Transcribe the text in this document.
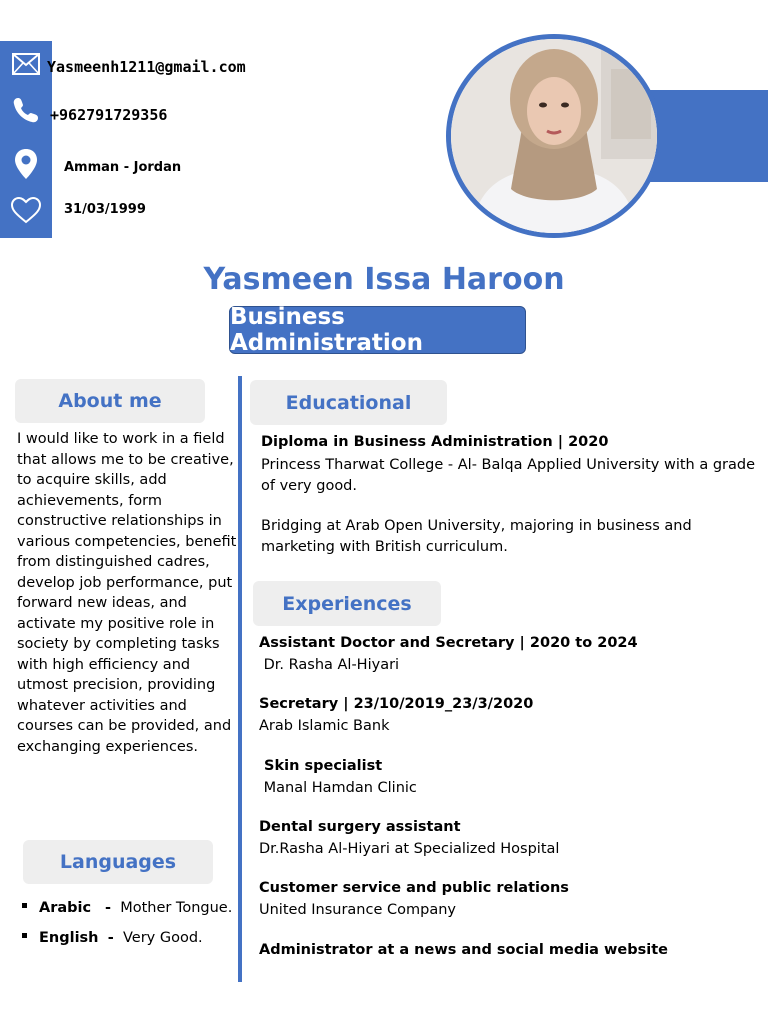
Yasmeenh1211@gmail.com
+962791729356
Amman - Jordan
31/03/1999
Yasmeen Issa Haroon
Business Administration
About me
I would like to work in a field that allows me to be creative, to acquire skills, add achievements, form constructive relationships in various competencies, benefit from distinguished cadres, develop job performance, put forward new ideas, and activate my positive role in society by completing tasks with high efficiency and utmost precision, providing whatever activities and courses can be provided, and exchanging experiences.
Languages
Arabic - Mother Tongue.
English - Very Good.
Educational
Diploma in Business Administration | 2020
Princess Tharwat College - Al- Balqa Applied University with a grade of very good.
Bridging at Arab Open University, majoring in business and marketing with British curriculum.
Experiences
Assistant Doctor and Secretary | 2020 to 2024
Dr. Rasha Al-Hiyari
Secretary | 23/10/2019_23/3/2020
Arab Islamic Bank
Skin specialist
Manal Hamdan Clinic
Dental surgery assistant
Dr.Rasha Al-Hiyari at Specialized Hospital
Customer service and public relations
United Insurance Company
Administrator at a news and social media website
